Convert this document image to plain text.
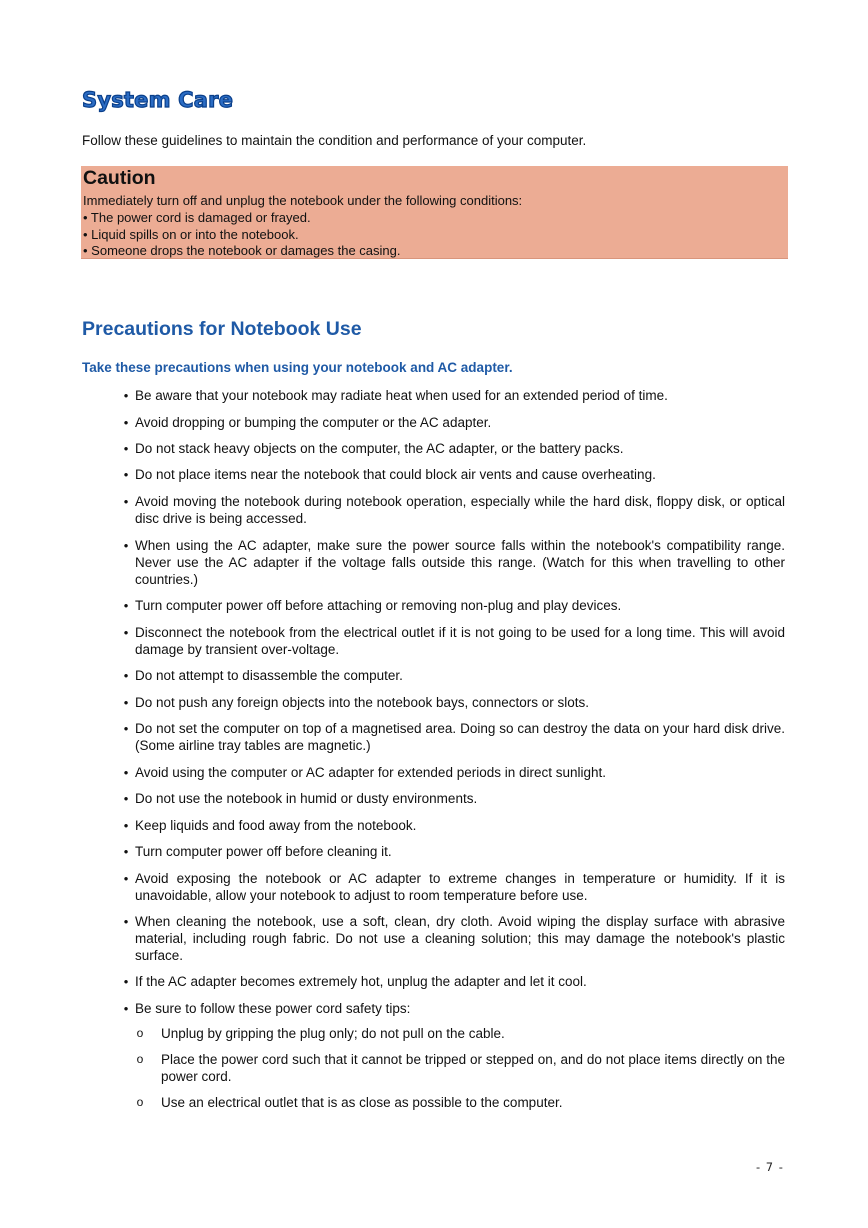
System Care
Follow these guidelines to maintain the condition and performance of your computer.
Caution
Immediately turn off and unplug the notebook under the following conditions:
• The power cord is damaged or frayed.
• Liquid spills on or into the notebook.
• Someone drops the notebook or damages the casing.
Precautions for Notebook Use
Take these precautions when using your notebook and AC adapter.
• Be aware that your notebook may radiate heat when used for an extended period of time.
• Avoid dropping or bumping the computer or the AC adapter.
• Do not stack heavy objects on the computer, the AC adapter, or the battery packs.
• Do not place items near the notebook that could block air vents and cause overheating.
• Avoid moving the notebook during notebook operation, especially while the hard disk, floppy disk, or optical disc drive is being accessed.
• When using the AC adapter, make sure the power source falls within the notebook's compatibility range. Never use the AC adapter if the voltage falls outside this range. (Watch for this when travelling to other countries.)
• Turn computer power off before attaching or removing non-plug and play devices.
• Disconnect the notebook from the electrical outlet if it is not going to be used for a long time. This will avoid damage by transient over-voltage.
• Do not attempt to disassemble the computer.
• Do not push any foreign objects into the notebook bays, connectors or slots.
• Do not set the computer on top of a magnetised area. Doing so can destroy the data on your hard disk drive. (Some airline tray tables are magnetic.)
• Avoid using the computer or AC adapter for extended periods in direct sunlight.
• Do not use the notebook in humid or dusty environments.
• Keep liquids and food away from the notebook.
• Turn computer power off before cleaning it.
• Avoid exposing the notebook or AC adapter to extreme changes in temperature or humidity. If it is unavoidable, allow your notebook to adjust to room temperature before use.
• When cleaning the notebook, use a soft, clean, dry cloth. Avoid wiping the display surface with abrasive material, including rough fabric. Do not use a cleaning solution; this may damage the notebook's plastic surface.
• If the AC adapter becomes extremely hot, unplug the adapter and let it cool.
• Be sure to follow these power cord safety tips:
o Unplug by gripping the plug only; do not pull on the cable.
o Place the power cord such that it cannot be tripped or stepped on, and do not place items directly on the power cord.
o Use an electrical outlet that is as close as possible to the computer.
- 7 -
